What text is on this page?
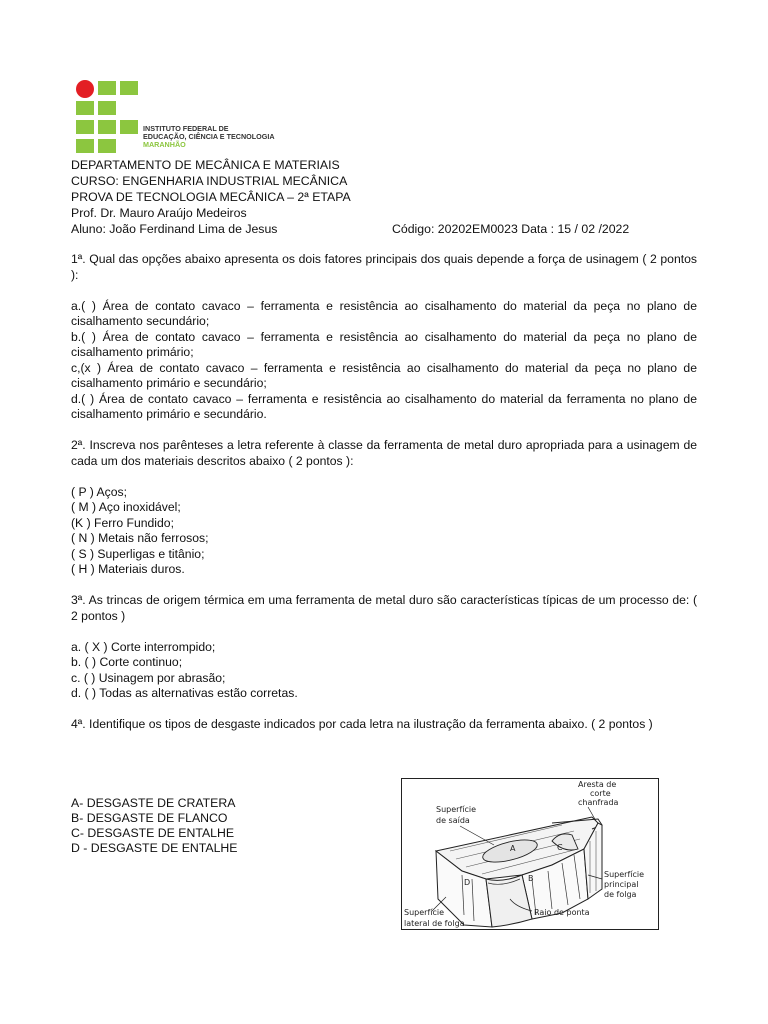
INSTITUTO FEDERAL DE
EDUCAÇÃO, CIÊNCIA E TECNOLOGIA
MARANHÃO
DEPARTAMENTO DE MECÂNICA E MATERIAIS
CURSO: ENGENHARIA INDUSTRIAL MECÂNICA
PROVA DE TECNOLOGIA MECÂNICA – 2ª ETAPA
Prof. Dr. Mauro Araújo Medeiros
Aluno: João Ferdinand Lima de Jesus	Código: 20202EM0023 Data : 15 / 02 /2022
1ª. Qual das opções abaixo apresenta os dois fatores principais dos quais depende a força de usinagem ( 2 pontos ):
a.( ) Área de contato cavaco – ferramenta e resistência ao cisalhamento do material da peça no plano de cisalhamento secundário;
b.( ) Área de contato cavaco – ferramenta e resistência ao cisalhamento do material da peça no plano de cisalhamento primário;
c,(x ) Área de contato cavaco – ferramenta e resistência ao cisalhamento do material da peça no plano de cisalhamento primário e secundário;
d.( ) Área de contato cavaco – ferramenta e resistência ao cisalhamento do material da ferramenta no plano de cisalhamento primário e secundário.
2ª. Inscreva nos parênteses a letra referente à classe da ferramenta de metal duro apropriada para a usinagem de cada um dos materiais descritos abaixo ( 2 pontos ):
( P ) Aços;
( M ) Aço inoxidável;
(K ) Ferro Fundido;
( N ) Metais não ferrosos;
( S ) Superligas e titânio;
( H ) Materiais duros.
3ª. As trincas de origem térmica em uma ferramenta de metal duro são características típicas de um processo de: ( 2 pontos )
a. ( X ) Corte interrompido;
b. ( ) Corte continuo;
c. ( ) Usinagem por abrasão;
d. ( ) Todas as alternativas estão corretas.
4ª. Identifique os tipos de desgaste indicados por cada letra na ilustração da ferramenta abaixo. ( 2 pontos )
A- DESGASTE DE CRATERA
B- DESGASTE DE FLANCO
C- DESGASTE DE ENTALHE
D - DESGASTE DE ENTALHE
Aresta de
corte
chanfrada
Superfície
de saída
Superfície
principal
de folga
Superfície
lateral de folga
Raio de ponta
A
B
C
D
